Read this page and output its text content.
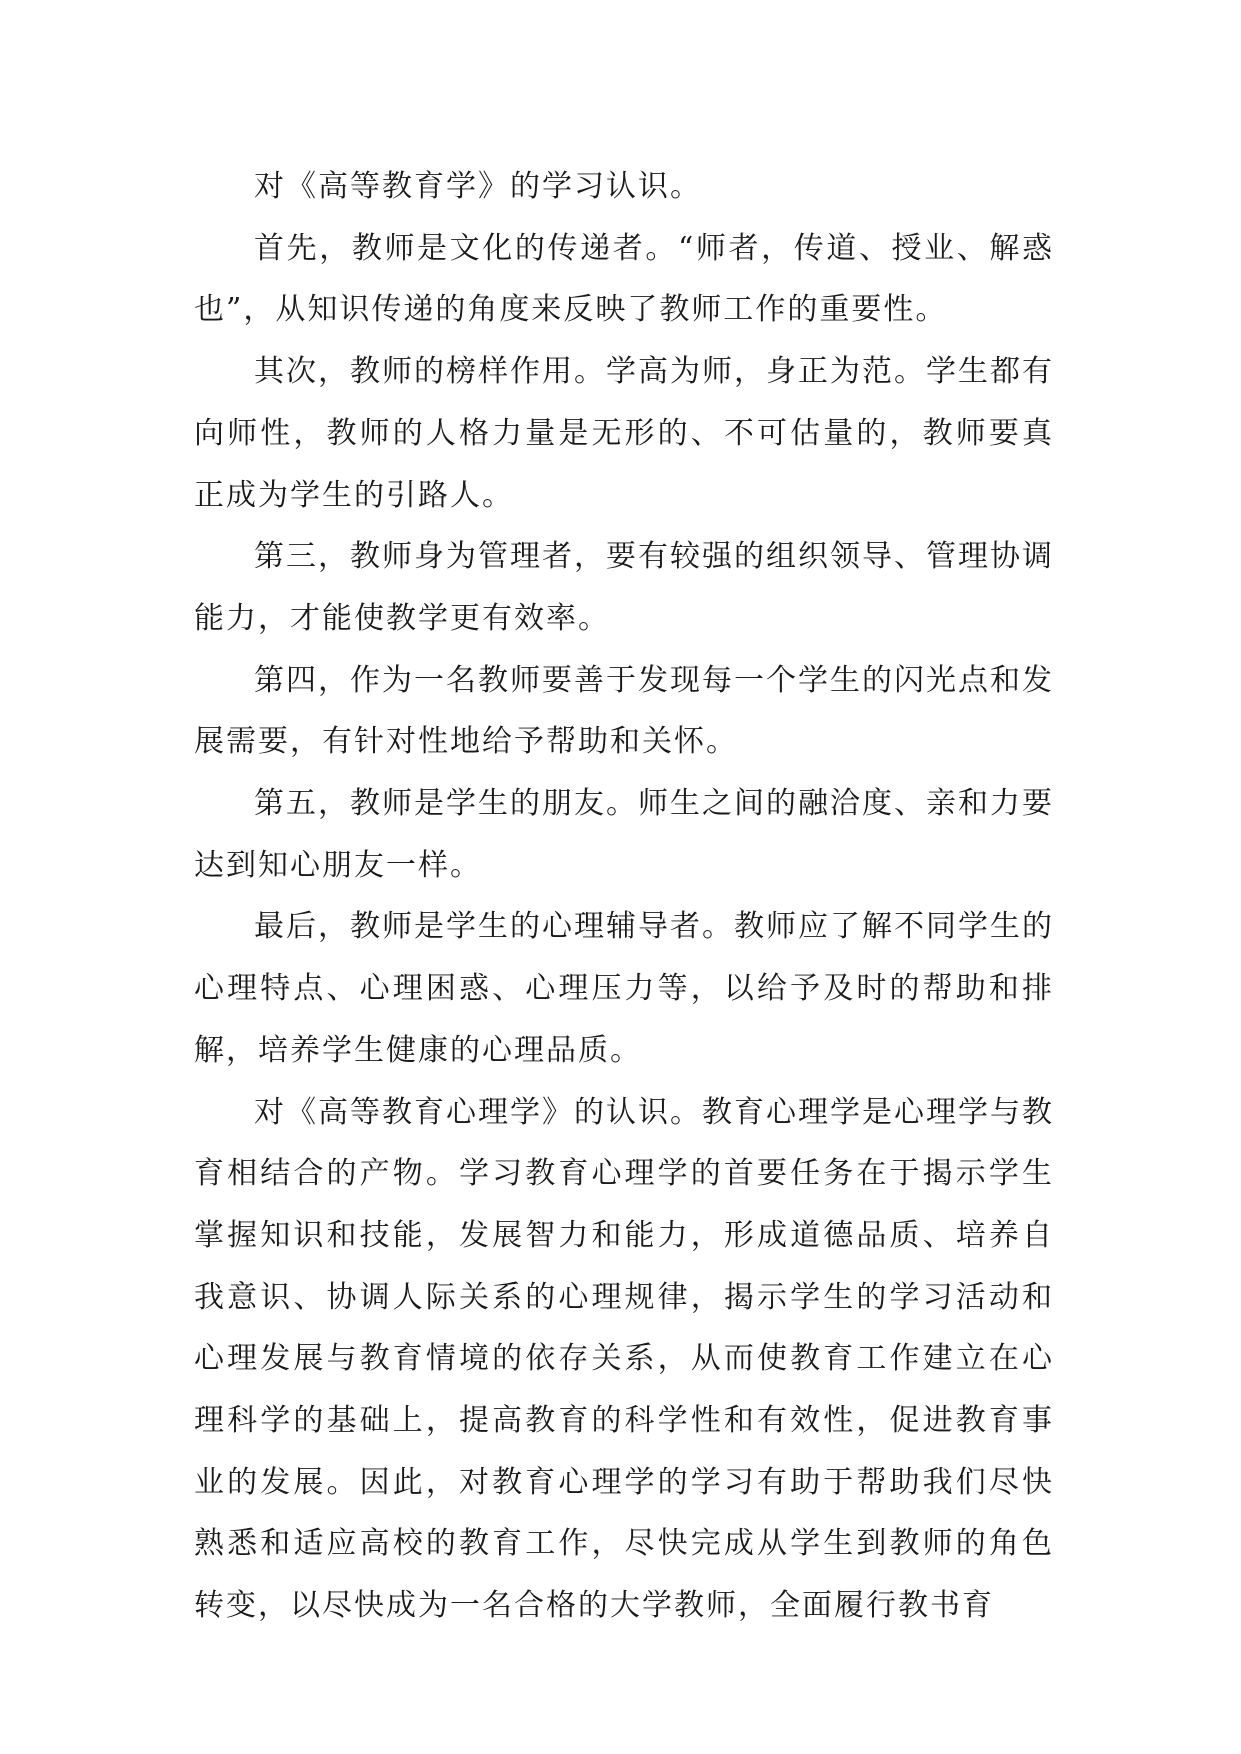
对《高等教育学》的学习认识。

首先，教师是文化的传递者。“师者，传道、授业、解惑也”，从知识传递的角度来反映了教师工作的重要性。

其次，教师的榜样作用。学高为师，身正为范。学生都有向师性，教师的人格力量是无形的、不可估量的，教师要真正成为学生的引路人。

第三，教师身为管理者，要有较强的组织领导、管理协调能力，才能使教学更有效率。

第四，作为一名教师要善于发现每一个学生的闪光点和发展需要，有针对性地给予帮助和关怀。

第五，教师是学生的朋友。师生之间的融洽度、亲和力要达到知心朋友一样。

最后，教师是学生的心理辅导者。教师应了解不同学生的心理特点、心理困惑、心理压力等，以给予及时的帮助和排解，培养学生健康的心理品质。

对《高等教育心理学》的认识。教育心理学是心理学与教育相结合的产物。学习教育心理学的首要任务在于揭示学生掌握知识和技能，发展智力和能力，形成道德品质、培养自我意识、协调人际关系的心理规律，揭示学生的学习活动和心理发展与教育情境的依存关系，从而使教育工作建立在心理科学的基础上，提高教育的科学性和有效性，促进教育事业的发展。因此，对教育心理学的学习有助于帮助我们尽快熟悉和适应高校的教育工作，尽快完成从学生到教师的角色转变，以尽快成为一名合格的大学教师，全面履行教书育
